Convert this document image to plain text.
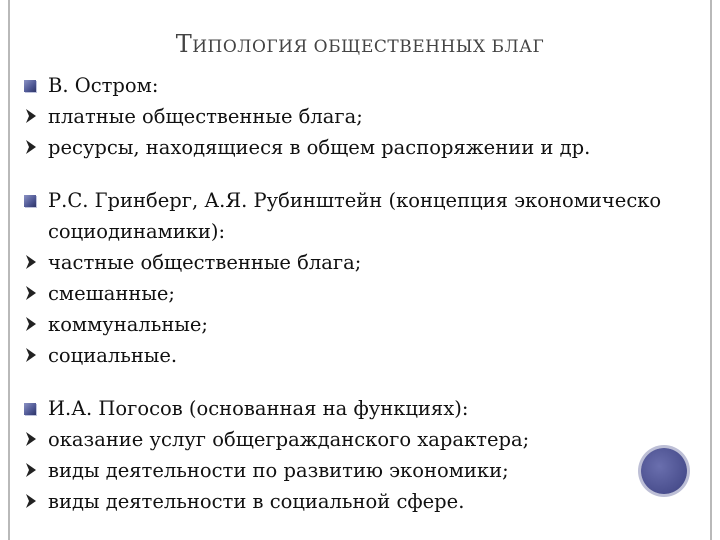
ТИПОЛОГИЯ ОБЩЕСТВЕННЫХ БЛАГ
В. Остром:
платные общественные блага;
ресурсы, находящиеся в общем распоряжении и др.
Р.С. Гринберг, А.Я. Рубинштейн (концепция экономическо
социодинамики):
частные общественные блага;
смешанные;
коммунальные;
социальные.
И.А. Погосов (основанная на функциях):
оказание услуг общегражданского характера;
виды деятельности по развитию экономики;
виды деятельности в социальной сфере.
